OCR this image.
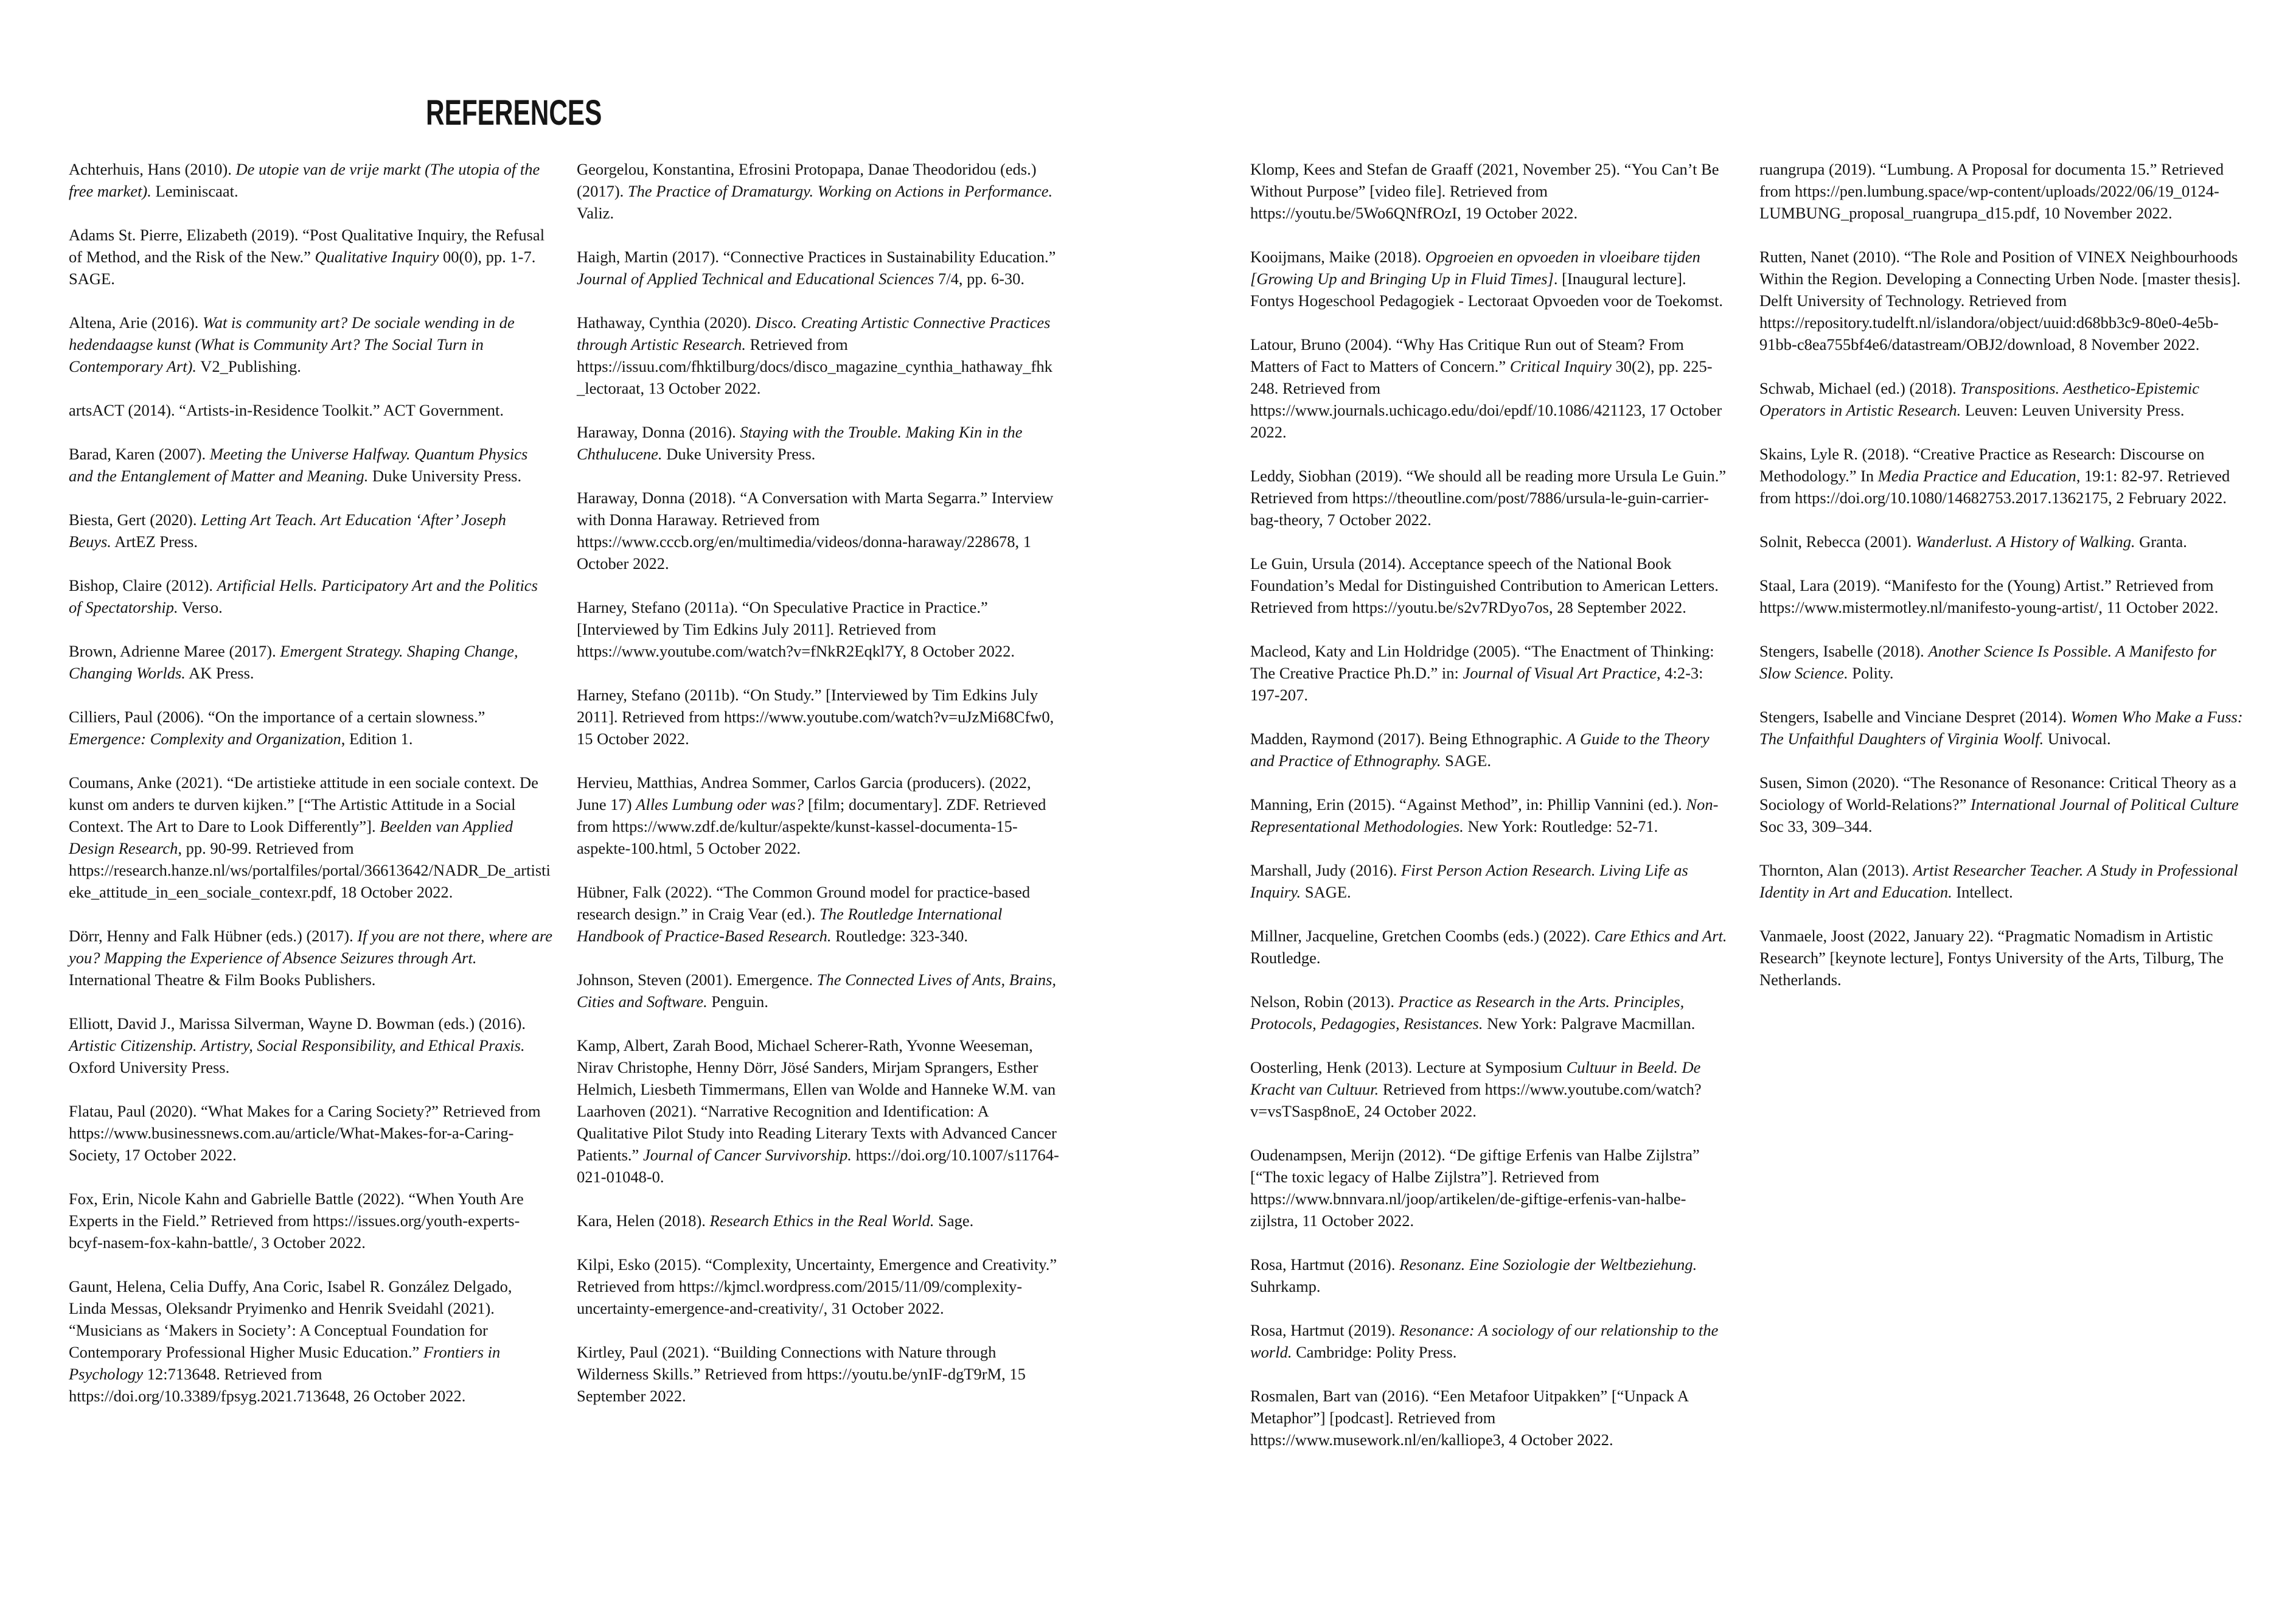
REFERENCES

Achterhuis, Hans (2010). De utopie van de vrije markt (The utopia of the free market). Leminiscaat.

Adams St. Pierre, Elizabeth (2019). “Post Qualitative Inquiry, the Refusal of Method, and the Risk of the New.” Qualitative Inquiry 00(0), pp. 1-7. SAGE.

Altena, Arie (2016). Wat is community art? De sociale wending in de hedendaagse kunst (What is Community Art? The Social Turn in Contemporary Art). V2_Publishing.

artsACT (2014). “Artists-in-Residence Toolkit.” ACT Government.

Barad, Karen (2007). Meeting the Universe Halfway. Quantum Physics and the Entanglement of Matter and Meaning. Duke University Press.

Biesta, Gert (2020). Letting Art Teach. Art Education ‘After’ Joseph Beuys. ArtEZ Press.

Bishop, Claire (2012). Artificial Hells. Participatory Art and the Politics of Spectatorship. Verso.

Brown, Adrienne Maree (2017). Emergent Strategy. Shaping Change, Changing Worlds. AK Press.

Cilliers, Paul (2006). “On the importance of a certain slowness.” Emergence: Complexity and Organization, Edition 1.

Coumans, Anke (2021). “De artistieke attitude in een sociale context. De kunst om anders te durven kijken.” [“The Artistic Attitude in a Social Context. The Art to Dare to Look Differently”]. Beelden van Applied Design Research, pp. 90-99. Retrieved from https://research.hanze.nl/ws/portalfiles/portal/36613642/NADR_De_artistieke_attitude_in_een_sociale_contexr.pdf, 18 October 2022.

Dörr, Henny and Falk Hübner (eds.) (2017). If you are not there, where are you? Mapping the Experience of Absence Seizures through Art. International Theatre & Film Books Publishers.

Elliott, David J., Marissa Silverman, Wayne D. Bowman (eds.) (2016). Artistic Citizenship. Artistry, Social Responsibility, and Ethical Praxis. Oxford University Press.

Flatau, Paul (2020). “What Makes for a Caring Society?” Retrieved from https://www.businessnews.com.au/article/What-Makes-for-a-Caring-Society, 17 October 2022.

Fox, Erin, Nicole Kahn and Gabrielle Battle (2022). “When Youth Are Experts in the Field.” Retrieved from https://issues.org/youth-experts-bcyf-nasem-fox-kahn-battle/, 3 October 2022.

Gaunt, Helena, Celia Duffy, Ana Coric, Isabel R. González Delgado, Linda Messas, Oleksandr Pryimenko and Henrik Sveidahl (2021). “Musicians as ‘Makers in Society’: A Conceptual Foundation for Contemporary Professional Higher Music Education.” Frontiers in Psychology 12:713648. Retrieved from https://doi.org/10.3389/fpsyg.2021.713648, 26 October 2022.

Georgelou, Konstantina, Efrosini Protopapa, Danae Theodoridou (eds.) (2017). The Practice of Dramaturgy. Working on Actions in Performance. Valiz.

Haigh, Martin (2017). “Connective Practices in Sustainability Education.” Journal of Applied Technical and Educational Sciences 7/4, pp. 6-30.

Hathaway, Cynthia (2020). Disco. Creating Artistic Connective Practices through Artistic Research. Retrieved from https://issuu.com/fhktilburg/docs/disco_magazine_cynthia_hathaway_fhk_lectoraat, 13 October 2022.

Haraway, Donna (2016). Staying with the Trouble. Making Kin in the Chthulucene. Duke University Press.

Haraway, Donna (2018). “A Conversation with Marta Segarra.” Interview with Donna Haraway. Retrieved from https://www.cccb.org/en/multimedia/videos/donna-haraway/228678, 1 October 2022.

Harney, Stefano (2011a). “On Speculative Practice in Practice.” [Interviewed by Tim Edkins July 2011]. Retrieved from https://www.youtube.com/watch?v=fNkR2Eqkl7Y, 8 October 2022.

Harney, Stefano (2011b). “On Study.” [Interviewed by Tim Edkins July 2011]. Retrieved from https://www.youtube.com/watch?v=uJzMi68Cfw0, 15 October 2022.

Hervieu, Matthias, Andrea Sommer, Carlos Garcia (producers). (2022, June 17) Alles Lumbung oder was? [film; documentary]. ZDF. Retrieved from https://www.zdf.de/kultur/aspekte/kunst-kassel-documenta-15-aspekte-100.html, 5 October 2022.

Hübner, Falk (2022). “The Common Ground model for practice-based research design.” in Craig Vear (ed.). The Routledge International Handbook of Practice-Based Research. Routledge: 323-340.

Johnson, Steven (2001). Emergence. The Connected Lives of Ants, Brains, Cities and Software. Penguin.

Kamp, Albert, Zarah Bood, Michael Scherer-Rath, Yvonne Weeseman, Nirav Christophe, Henny Dörr, Jösé Sanders, Mirjam Sprangers, Esther Helmich, Liesbeth Timmermans, Ellen van Wolde and Hanneke W.M. van Laarhoven (2021). “Narrative Recognition and Identification: A Qualitative Pilot Study into Reading Literary Texts with Advanced Cancer Patients.” Journal of Cancer Survivorship. https://doi.org/10.1007/s11764-021-01048-0.

Kara, Helen (2018). Research Ethics in the Real World. Sage.

Kilpi, Esko (2015). “Complexity, Uncertainty, Emergence and Creativity.” Retrieved from https://kjmcl.wordpress.com/2015/11/09/complexity-uncertainty-emergence-and-creativity/, 31 October 2022.

Kirtley, Paul (2021). “Building Connections with Nature through Wilderness Skills.” Retrieved from https://youtu.be/ynIF-dgT9rM, 15 September 2022.

Klomp, Kees and Stefan de Graaff (2021, November 25). “You Can’t Be Without Purpose” [video file]. Retrieved from https://youtu.be/5Wo6QNfROzI, 19 October 2022.

Kooijmans, Maike (2018). Opgroeien en opvoeden in vloeibare tijden [Growing Up and Bringing Up in Fluid Times]. [Inaugural lecture]. Fontys Hogeschool Pedagogiek - Lectoraat Opvoeden voor de Toekomst.

Latour, Bruno (2004). “Why Has Critique Run out of Steam? From Matters of Fact to Matters of Concern.” Critical Inquiry 30(2), pp. 225-248. Retrieved from https://www.journals.uchicago.edu/doi/epdf/10.1086/421123, 17 October 2022.

Leddy, Siobhan (2019). “We should all be reading more Ursula Le Guin.” Retrieved from https://theoutline.com/post/7886/ursula-le-guin-carrier-bag-theory, 7 October 2022.

Le Guin, Ursula (2014). Acceptance speech of the National Book Foundation’s Medal for Distinguished Contribution to American Letters. Retrieved from https://youtu.be/s2v7RDyo7os, 28 September 2022.

Macleod, Katy and Lin Holdridge (2005). “The Enactment of Thinking: The Creative Practice Ph.D.” in: Journal of Visual Art Practice, 4:2-3: 197-207.

Madden, Raymond (2017). Being Ethnographic. A Guide to the Theory and Practice of Ethnography. SAGE.

Manning, Erin (2015). “Against Method”, in: Phillip Vannini (ed.). Non-Representational Methodologies. New York: Routledge: 52-71.

Marshall, Judy (2016). First Person Action Research. Living Life as Inquiry. SAGE.

Millner, Jacqueline, Gretchen Coombs (eds.) (2022). Care Ethics and Art. Routledge.

Nelson, Robin (2013). Practice as Research in the Arts. Principles, Protocols, Pedagogies, Resistances. New York: Palgrave Macmillan.

Oosterling, Henk (2013). Lecture at Symposium Cultuur in Beeld. De Kracht van Cultuur. Retrieved from https://www.youtube.com/watch?v=vsTSasp8noE, 24 October 2022.

Oudenampsen, Merijn (2012). “De giftige Erfenis van Halbe Zijlstra” [“The toxic legacy of Halbe Zijlstra”]. Retrieved from https://www.bnnvara.nl/joop/artikelen/de-giftige-erfenis-van-halbe-zijlstra, 11 October 2022.

Rosa, Hartmut (2016). Resonanz. Eine Soziologie der Weltbeziehung. Suhrkamp.

Rosa, Hartmut (2019). Resonance: A sociology of our relationship to the world. Cambridge: Polity Press.

Rosmalen, Bart van (2016). “Een Metafoor Uitpakken” [“Unpack A Metaphor”] [podcast]. Retrieved from https://www.musework.nl/en/kalliope3, 4 October 2022.

ruangrupa (2019). “Lumbung. A Proposal for documenta 15.” Retrieved from https://pen.lumbung.space/wp-content/uploads/2022/06/19_0124-LUMBUNG_proposal_ruangrupa_d15.pdf, 10 November 2022.

Rutten, Nanet (2010). “The Role and Position of VINEX Neighbourhoods Within the Region. Developing a Connecting Urben Node. [master thesis]. Delft University of Technology. Retrieved from https://repository.tudelft.nl/islandora/object/uuid:d68bb3c9-80e0-4e5b-91bb-c8ea755bf4e6/datastream/OBJ2/download, 8 November 2022.

Schwab, Michael (ed.) (2018). Transpositions. Aesthetico-Epistemic Operators in Artistic Research. Leuven: Leuven University Press.

Skains, Lyle R. (2018). “Creative Practice as Research: Discourse on Methodology.” In Media Practice and Education, 19:1: 82-97. Retrieved from https://doi.org/10.1080/14682753.2017.1362175, 2 February 2022.

Solnit, Rebecca (2001). Wanderlust. A History of Walking. Granta.

Staal, Lara (2019). “Manifesto for the (Young) Artist.” Retrieved from https://www.mistermotley.nl/manifesto-young-artist/, 11 October 2022.

Stengers, Isabelle (2018). Another Science Is Possible. A Manifesto for Slow Science. Polity.

Stengers, Isabelle and Vinciane Despret (2014). Women Who Make a Fuss: The Unfaithful Daughters of Virginia Woolf. Univocal.

Susen, Simon (2020). “The Resonance of Resonance: Critical Theory as a Sociology of World-Relations?” International Journal of Political Culture Soc 33, 309–344.

Thornton, Alan (2013). Artist Researcher Teacher. A Study in Professional Identity in Art and Education. Intellect.

Vanmaele, Joost (2022, January 22). “Pragmatic Nomadism in Artistic Research” [keynote lecture], Fontys University of the Arts, Tilburg, The Netherlands.
